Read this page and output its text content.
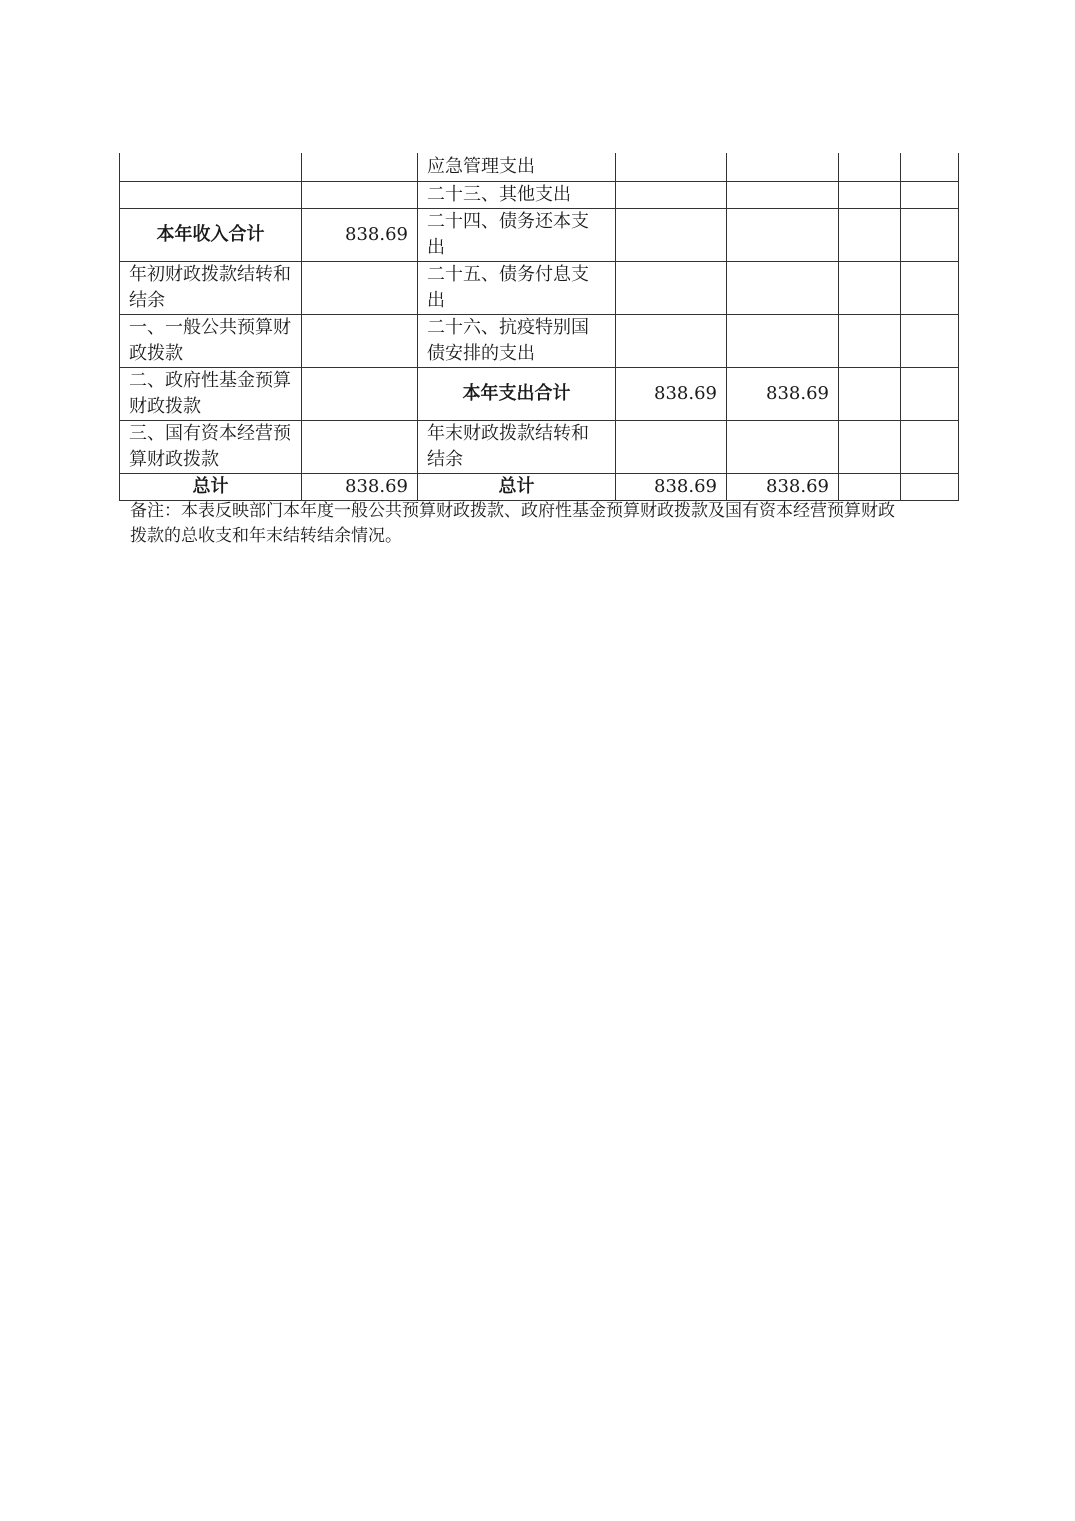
		应急管理支出				
		二十三、其他支出				
本年收入合计	838.69	二十四、债务还本支出				
年初财政拨款结转和结余		二十五、债务付息支出				
一、一般公共预算财政拨款		二十六、抗疫特别国债安排的支出				
二、政府性基金预算财政拨款		本年支出合计	838.69	838.69		
三、国有资本经营预算财政拨款		年末财政拨款结转和结余				
总计	838.69	总计	838.69	838.69		

备注：本表反映部门本年度一般公共预算财政拨款、政府性基金预算财政拨款及国有资本经营预算财政拨款的总收支和年末结转结余情况。
